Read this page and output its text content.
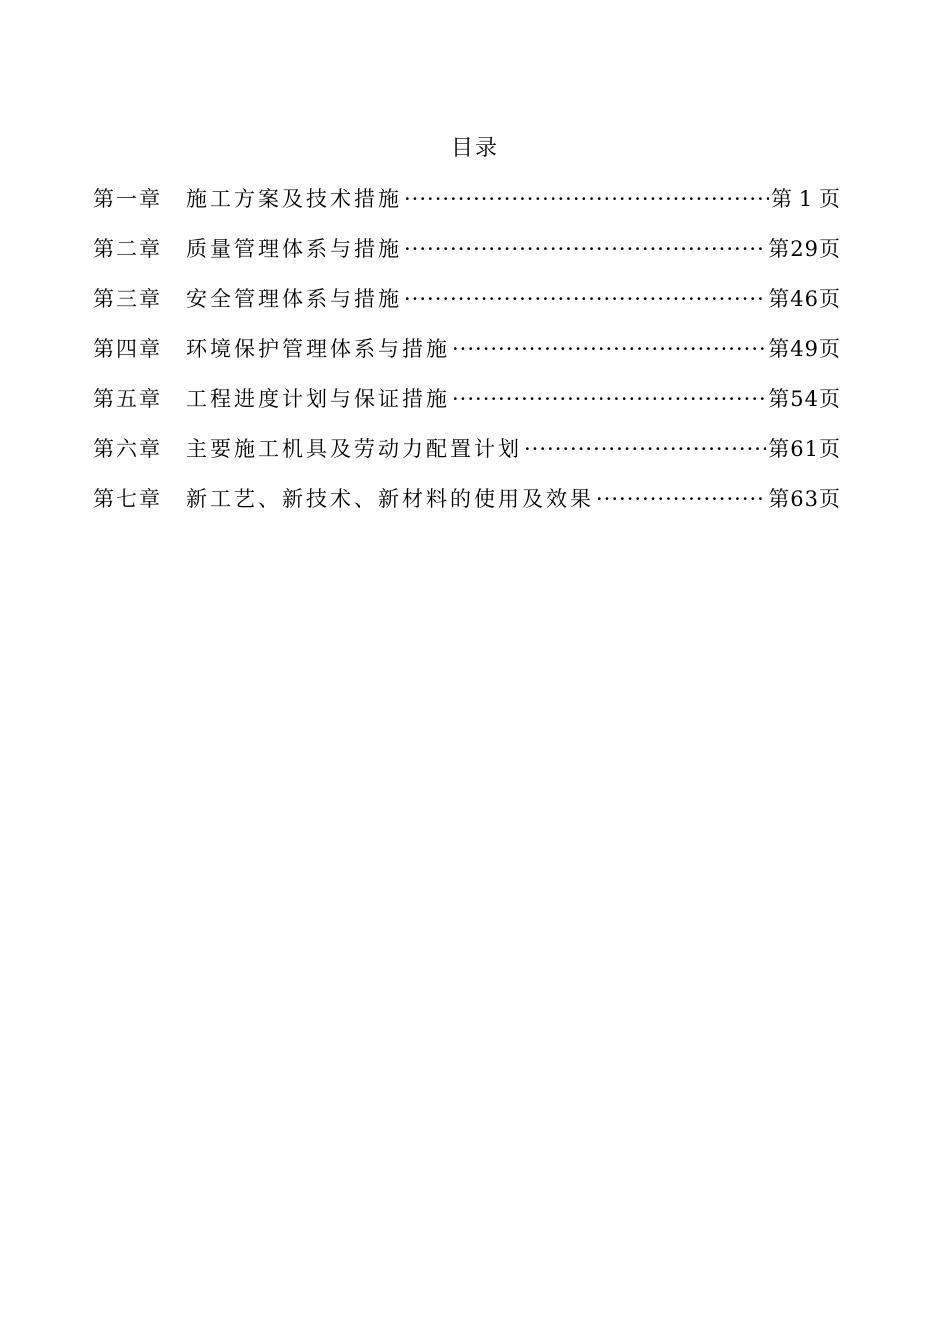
目录
第一章 施工方案及技术措施 ·····	第 1 页
第二章 质量管理体系与措施 ·····	第29页
第三章 安全管理体系与措施 ·····	第46页
第四章 环境保护管理体系与措施 ·····	第49页
第五章 工程进度计划与保证措施 ·····	第54页
第六章 主要施工机具及劳动力配置计划 ·····	第61页
第七章 新工艺、新技术、新材料的使用及效果 ·····	第63页
